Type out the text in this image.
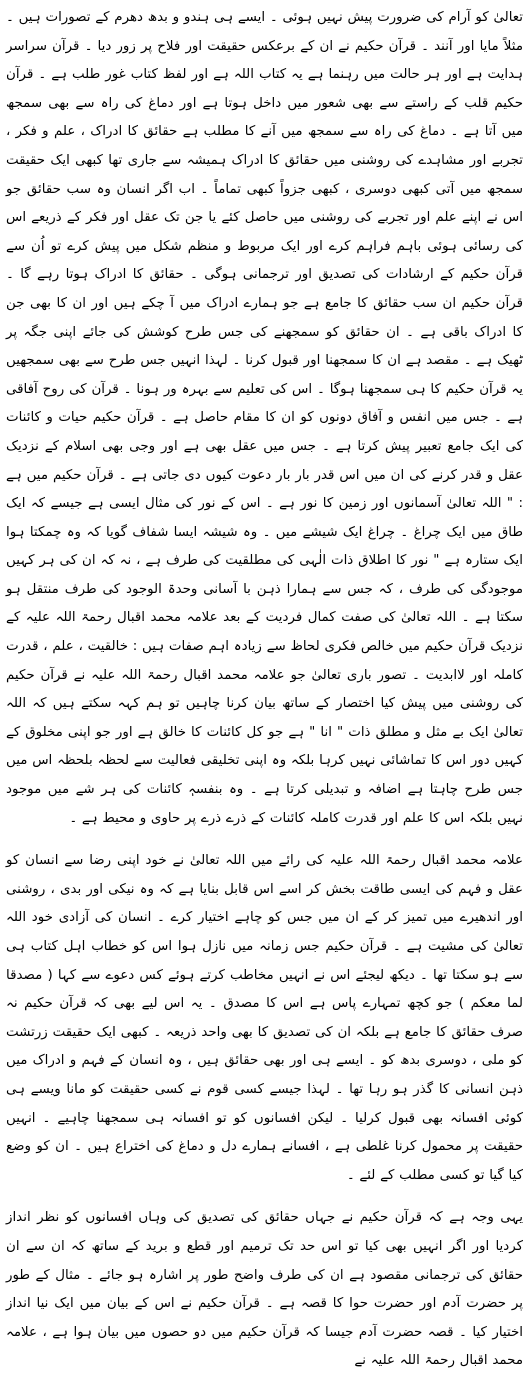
تعالیٰ کو آرام کی ضرورت پیش نہیں ہوئی ۔ ایسے ہی ہندو و بدھ دھرم کے تصورات ہیں ۔ مثلاً مایا اور آنند ۔ قرآن حکیم نے ان کے برعکس حقیقت اور فلاح پر زور دیا ۔ قرآن سراسر ہدایت ہے اور ہر حالت میں رہنما ہے یہ کتاب اللہ ہے اور لفظ کتاب غور طلب ہے ۔ قرآن حکیم قلب کے راستے سے بھی شعور میں داخل ہوتا ہے اور دماغ کی راہ سے بھی سمجھ میں آتا ہے ۔ دماغ کی راہ سے سمجھ میں آنے کا مطلب ہے حقائق کا ادراک ، علم و فکر ، تجربے اور مشاہدے کی روشنی میں حقائق کا ادراک ہمیشہ سے جاری تھا کبھی ایک حقیقت سمجھ میں آتی کبھی دوسری ، کبھی جزواً کبھی تماماً ۔ اب اگر انسان وہ سب حقائق جو اس نے اپنے علم اور تجربے کی روشنی میں حاصل کئے یا جن تک عقل اور فکر کے ذریعے اس کی رسائی ہوئی باہم فراہم کرے اور ایک مربوط و منظم شکل میں پیش کرے تو اُن سے قرآن حکیم کے ارشادات کی تصدیق اور ترجمانی ہوگی ۔ حقائق کا ادراک ہوتا رہے گا ۔ قرآن حکیم ان سب حقائق کا جامع ہے جو ہمارے ادراک میں آ چکے ہیں اور ان کا بھی جن کا ادراک باقی ہے ۔ ان حقائق کو سمجھنے کی جس طرح کوشش کی جائے اپنی جگہ پر ٹھیک ہے ۔ مقصد ہے ان کا سمجھنا اور قبول کرنا ۔ لہذا انہیں جس طرح سے بھی سمجھیں یہ قرآن حکیم کا ہی سمجھنا ہوگا ۔ اس کی تعلیم سے بہرہ ور ہونا ۔ قرآن کی روح آفاقی ہے ۔ جس میں انفس و آفاق دونوں کو ان کا مقام حاصل ہے ۔ قرآن حکیم حیات و کائنات کی ایک جامع تعبیر پیش کرتا ہے ۔ جس میں عقل بھی ہے اور وجی بھی اسلام کے نزدیک عقل و قدر کرنے کی ان میں اس قدر بار بار دعوت کیوں دی جاتی ہے ۔ قرآن حکیم میں ہے : " اللہ تعالیٰ آسمانوں اور زمین کا نور ہے ۔ اس کے نور کی مثال ایسی ہے جیسے کہ ایک طاق میں ایک چراغ ۔ چراغ ایک شیشے میں ۔ وہ شیشہ ایسا شفاف گویا کہ وہ چمکتا ہوا ایک ستارہ ہے " نور کا اطلاق ذات الٰہی کی مطلقیت کی طرف ہے ، نہ کہ ان کی ہر کہیں موجودگی کی طرف ، کہ جس سے ہمارا ذہن با آسانی وحدۃ الوجود کی طرف منتقل ہو سکتا ہے ۔ اللہ تعالیٰ کی صفت کمال فردیت کے بعد علامہ محمد اقبال رحمۃ اللہ علیہ کے نزدیک قرآن حکیم میں خالص فکری لحاظ سے زیادہ اہم صفات ہیں : خالقیت ، علم ، قدرت کاملہ اور لاابدیت ۔ تصور باری تعالیٰ جو علامہ محمد اقبال رحمۃ اللہ علیہ نے قرآن حکیم کی روشنی میں پیش کیا اختصار کے ساتھ بیان کرنا چاہیں تو ہم کہہ سکتے ہیں کہ اللہ تعالیٰ ایک بے مثل و مطلق ذات " انا " ہے جو کل کائنات کا خالق ہے اور جو اپنی مخلوق کے کہیں دور اس کا تماشائی نہیں کرہا بلکہ وہ اپنی تخلیقی فعالیت سے لحظہ بلحظہ اس میں جس طرح چاہتا ہے اضافہ و تبدیلی کرتا ہے ۔ وہ بنفسہٖ کائنات کی ہر شے میں موجود نہیں بلکہ اس کا علم اور قدرت کاملہ کائنات کے ذرے ذرے پر حاوی و محیط ہے ۔

علامہ محمد اقبال رحمۃ اللہ علیہ کی رائے میں اللہ تعالیٰ نے خود اپنی رضا سے انسان کو عقل و فہم کی ایسی طاقت بخش کر اسے اس قابل بنایا ہے کہ وہ نیکی اور بدی ، روشنی اور اندھیرے میں تمیز کر کے ان میں جس کو چاہے اختیار کرے ۔ انسان کی آزادی خود اللہ تعالیٰ کی مشیت ہے ۔ قرآن حکیم جس زمانہ میں نازل ہوا اس کو خطاب اہل کتاب ہی سے ہو سکتا تھا ۔ دیکھ لیجئے اس نے انہیں مخاطب کرتے ہوئے کس دعوے سے کہا ( مصدقا لما معکم ) جو کچھ تمہارے پاس ہے اس کا مصدق ۔ یہ اس لیے بھی کہ قرآن حکیم نہ صرف حقائق کا جامع ہے بلکہ ان کی تصدیق کا بھی واحد ذریعہ ۔ کبھی ایک حقیقت زرتشت کو ملی ، دوسری بدھ کو ۔ ایسے ہی اور بھی حقائق ہیں ، وہ انسان کے فہم و ادراک میں ذہن انسانی کا گذر ہو رہا تھا ۔ لہذا جیسے کسی قوم نے کسی حقیقت کو مانا ویسے ہی کوئی افسانہ بھی قبول کرلیا ۔ لیکن افسانوں کو تو افسانہ ہی سمجھنا چاہیے ۔ انہیں حقیقت پر محمول کرنا غلطی ہے ، افسانے ہمارے دل و دماغ کی اختراع ہیں ۔ ان کو وضع کیا گیا تو کسی مطلب کے لئے ۔

یہی وجہ ہے کہ قرآن حکیم نے جہاں حقائق کی تصدیق کی وہاں افسانوں کو نظر انداز کردیا اور اگر انہیں بھی کیا تو اس حد تک ترمیم اور قطع و برید کے ساتھ کہ ان سے ان حقائق کی ترجمانی مقصود ہے ان کی طرف واضح طور پر اشارہ ہو جائے ۔ مثال کے طور پر حضرت آدم اور حضرت حوا کا قصہ ہے ۔ قرآن حکیم نے اس کے بیان میں ایک نیا انداز اختیار کیا ۔ قصہ حضرت آدم جیسا کہ قرآن حکیم میں دو حصوں میں بیان ہوا ہے ، علامہ محمد اقبال رحمۃ اللہ علیہ نے
